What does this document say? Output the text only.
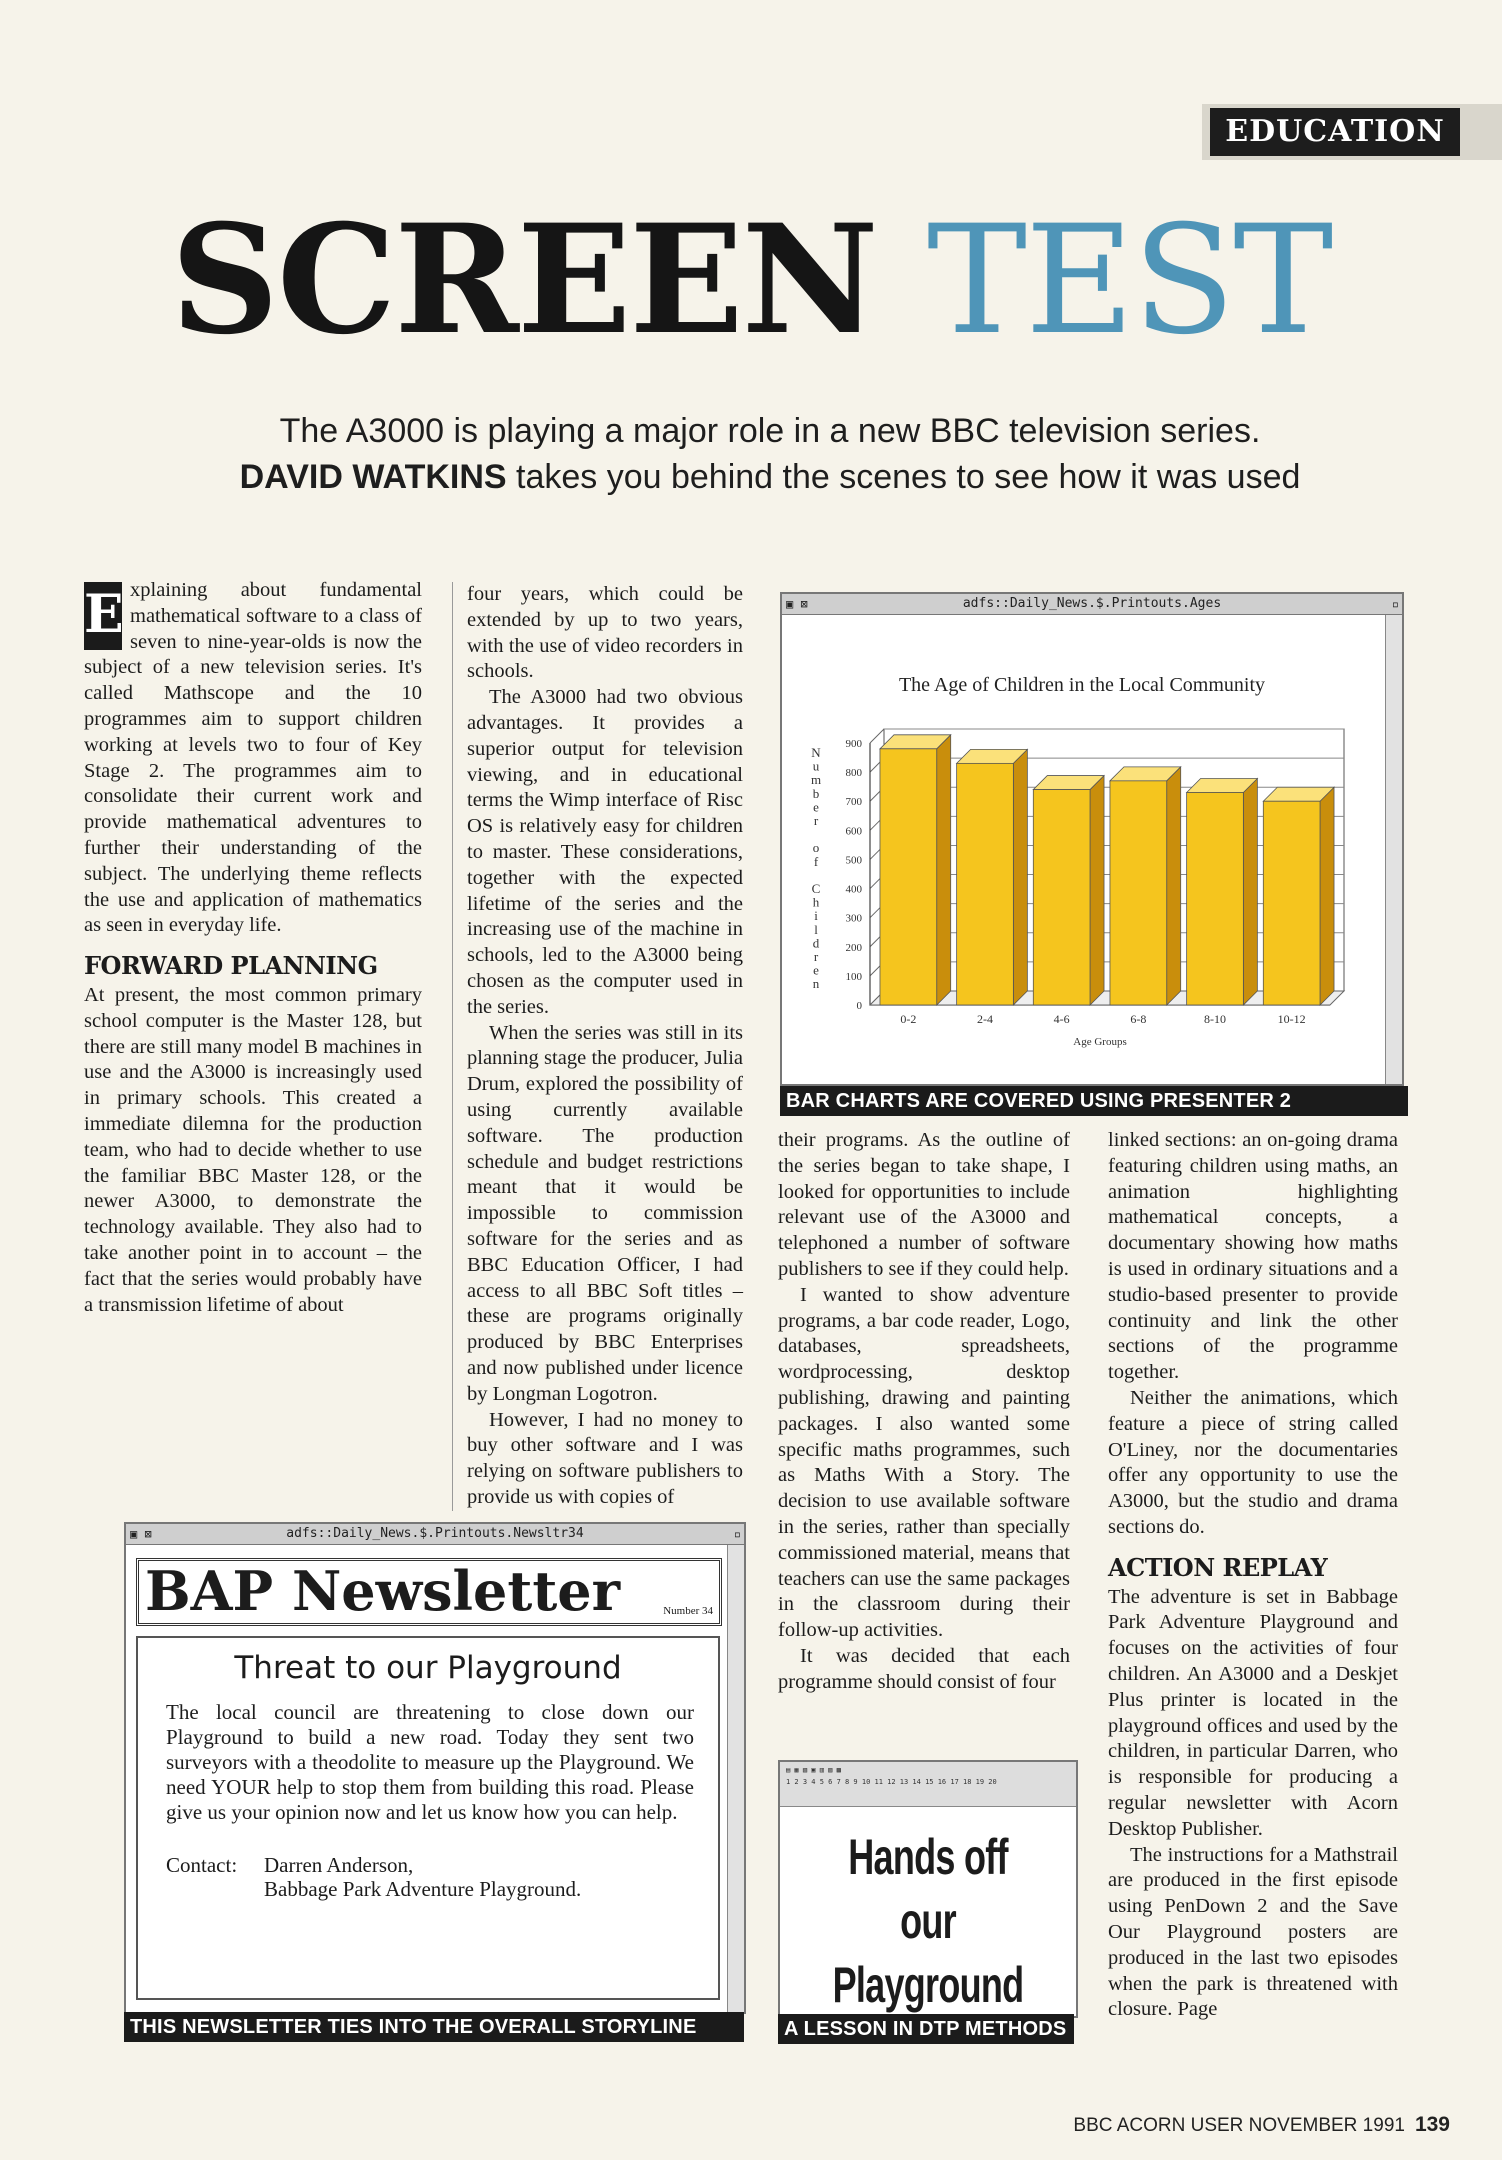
EDUCATION
SCREEN TEST
The A3000 is playing a major role in a new BBC television series.
DAVID WATKINS takes you behind the scenes to see how it was used
E xplaining about fundamental mathematical software to a class of seven to nine-year-olds is now the subject of a new television series. It's called Mathscope and the 10 programmes aim to support children working at levels two to four of Key Stage 2. The programmes aim to consolidate their current work and provide mathematical adventures to further their understanding of the subject. The underlying theme reflects the use and application of mathematics as seen in everyday life.

FORWARD PLANNING

At present, the most common primary school computer is the Master 128, but there are still many model B machines in use and the A3000 is increasingly used in primary schools. This created a immediate dilemna for the production team, who had to decide whether to use the familiar BBC Master 128, or the newer A3000, to demonstrate the technology available. They also had to take another point in to account – the fact that the series would probably have a transmission lifetime of about

four years, which could be extended by up to two years, with the use of video recorders in schools.

The A3000 had two obvious advantages. It provides a superior output for television viewing, and in educational terms the Wimp interface of Risc OS is relatively easy for children to master. These considerations, together with the expected lifetime of the series and the increasing use of the machine in schools, led to the A3000 being chosen as the computer used in the series.

When the series was still in its planning stage the producer, Julia Drum, explored the possibility of using currently available software. The production schedule and budget restrictions meant that it would be impossible to commission software for the series and as BBC Education Officer, I had access to all BBC Soft titles – these are programs originally produced by BBC Enterprises and now published under licence by Longman Logotron.

However, I had no money to buy other software and I was relying on software publishers to provide us with copies of

▣ ⊠	adfs::Daily_News.$.Printouts.Ages	▫
The Age of Children in the Local Community
0
100
200
300
400
500
600
700
800
900
0-2	2-4	4-6	6-8	8-10	10-12
Age Groups
N u m b e r o f C h i l d r e n
BAR CHARTS ARE COVERED USING PRESENTER 2
▣ ⊠	adfs::Daily_News.$.Printouts.Newsltr34	▫
BAP Newsletter	Number 34
Threat to our Playground
The local council are threatening to close down our Playground to build a new road. Today they sent two surveyors with a theodolite to measure up the Playground. We need YOUR help to stop them from building this road. Please give us your opinion now and let us know how you can help.
Contact:	Darren Anderson,
Babbage Park Adventure Playground.
THIS NEWSLETTER TIES INTO THE OVERALL STORYLINE

their programs. As the outline of the series began to take shape, I looked for opportunities to include relevant use of the A3000 and telephoned a number of software publishers to see if they could help.

I wanted to show adventure programs, a bar code reader, Logo, databases, spreadsheets, wordprocessing, desktop publishing, drawing and painting packages. I also wanted some specific maths programmes, such as Maths With a Story. The decision to use available software in the series, rather than specially commissioned material, means that teachers can use the same packages in the classroom during their follow-up activities.

It was decided that each programme should consist of four

▤ ▦ ▧ ▣ ▥ ▨ ▩
1 2 3 4 5 6 7 8 9 10 11 12 13 14 15 16 17 18 19 20
Hands off our
Playground
A LESSON IN DTP METHODS

linked sections: an on-going drama featuring children using maths, an animation highlighting mathematical concepts, a documentary showing how maths is used in ordinary situations and a studio-based presenter to provide continuity and link the other sections of the programme together.

Neither the animations, which feature a piece of string called O'Liney, nor the documentaries offer any opportunity to use the A3000, but the studio and drama sections do.

ACTION REPLAY

The adventure is set in Babbage Park Adventure Playground and focuses on the activities of four children. An A3000 and a Deskjet Plus printer is located in the playground offices and used by the children, in particular Darren, who is responsible for producing a regular newsletter with Acorn Desktop Publisher.

The instructions for a Mathstrail are produced in the first episode using PenDown 2 and the Save Our Playground posters are produced in the last two episodes when the park is threatened with closure. Page

BBC ACORN USER NOVEMBER 1991 139
